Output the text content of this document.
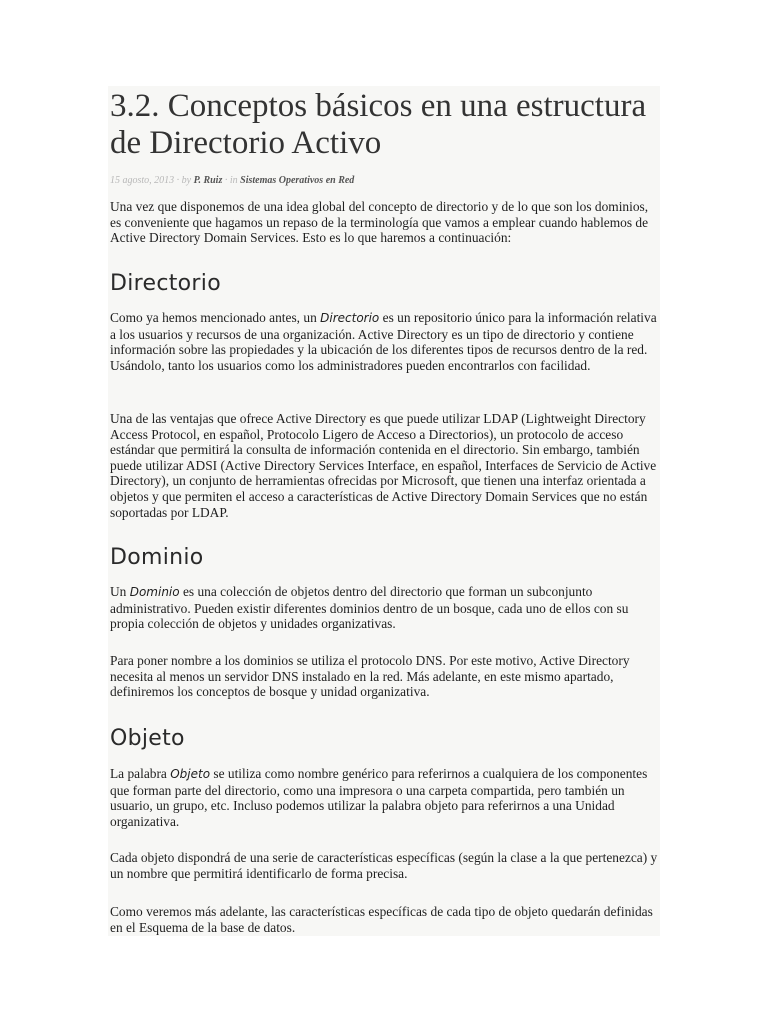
3.2. Conceptos básicos en una estructura de Directorio Activo
15 agosto, 2013 · by P. Ruiz · in Sistemas Operativos en Red

Una vez que disponemos de una idea global del concepto de directorio y de lo que son los dominios, es conveniente que hagamos un repaso de la terminología que vamos a emplear cuando hablemos de Active Directory Domain Services. Esto es lo que haremos a continuación:

Directorio

Como ya hemos mencionado antes, un Directorio es un repositorio único para la información relativa a los usuarios y recursos de una organización. Active Directory es un tipo de directorio y contiene información sobre las propiedades y la ubicación de los diferentes tipos de recursos dentro de la red. Usándolo, tanto los usuarios como los administradores pueden encontrarlos con facilidad.

Una de las ventajas que ofrece Active Directory es que puede utilizar LDAP (Lightweight Directory Access Protocol, en español, Protocolo Ligero de Acceso a Directorios), un protocolo de acceso estándar que permitirá la consulta de información contenida en el directorio. Sin embargo, también puede utilizar ADSI (Active Directory Services Interface, en español, Interfaces de Servicio de Active Directory), un conjunto de herramientas ofrecidas por Microsoft, que tienen una interfaz orientada a objetos y que permiten el acceso a características de Active Directory Domain Services que no están soportadas por LDAP.

Dominio

Un Dominio es una colección de objetos dentro del directorio que forman un subconjunto administrativo. Pueden existir diferentes dominios dentro de un bosque, cada uno de ellos con su propia colección de objetos y unidades organizativas.

Para poner nombre a los dominios se utiliza el protocolo DNS. Por este motivo, Active Directory necesita al menos un servidor DNS instalado en la red. Más adelante, en este mismo apartado, definiremos los conceptos de bosque y unidad organizativa.

Objeto

La palabra Objeto se utiliza como nombre genérico para referirnos a cualquiera de los componentes que forman parte del directorio, como una impresora o una carpeta compartida, pero también un usuario, un grupo, etc. Incluso podemos utilizar la palabra objeto para referirnos a una Unidad organizativa.

Cada objeto dispondrá de una serie de características específicas (según la clase a la que pertenezca) y un nombre que permitirá identificarlo de forma precisa.

Como veremos más adelante, las características específicas de cada tipo de objeto quedarán definidas en el Esquema de la base de datos.
